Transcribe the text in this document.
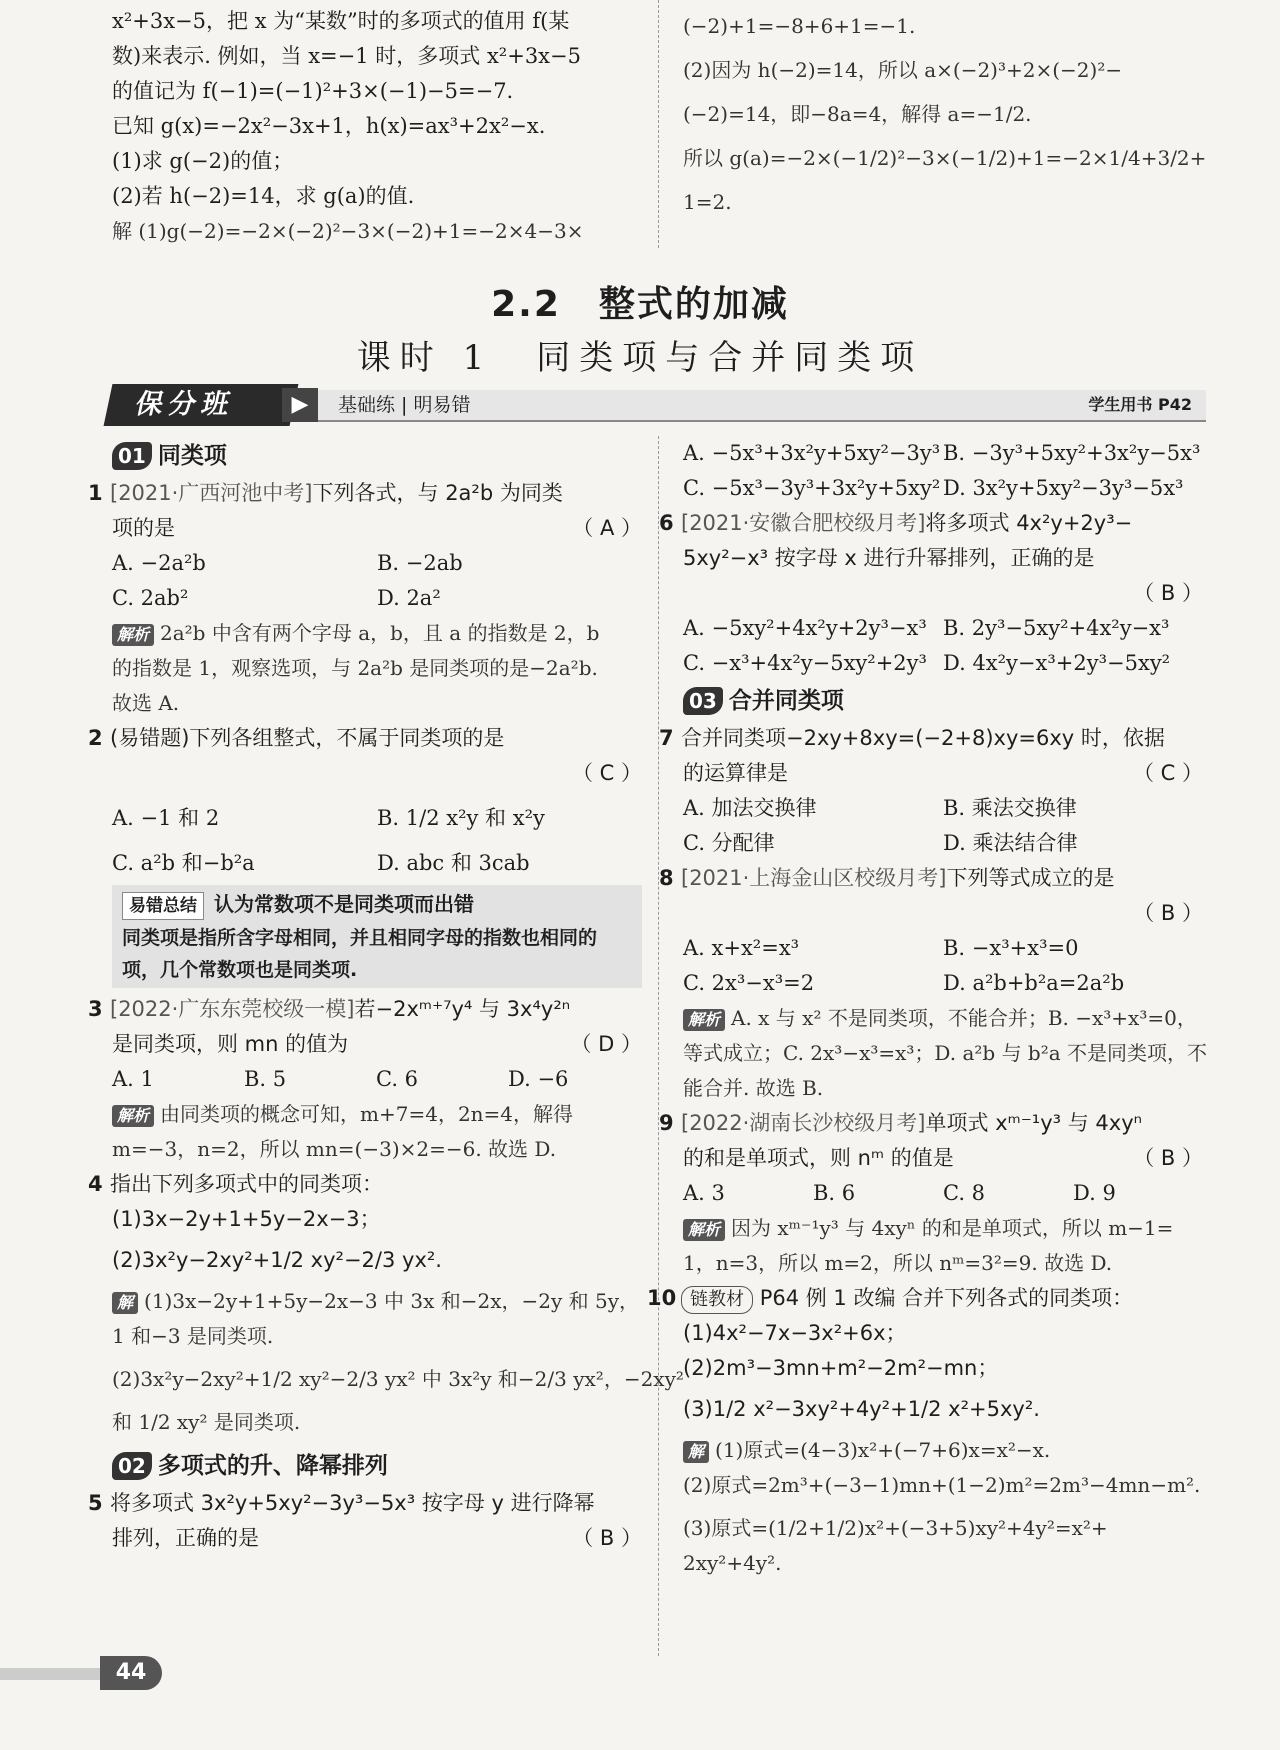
x²+3x−5，把 x 为“某数”时的多项式的值用 f(某

数)来表示. 例如，当 x=−1 时，多项式 x²+3x−5

的值记为 f(−1)=(−1)²+3×(−1)−5=−7.

已知 g(x)=−2x²−3x+1，h(x)=ax³+2x²−x.

(1)求 g(−2)的值；

(2)若 h(−2)=14，求 g(a)的值.

解 (1)g(−2)=−2×(−2)²−3×(−2)+1=−2×4−3×

(−2)+1=−8+6+1=−1.

(2)因为 h(−2)=14，所以 a×(−2)³+2×(−2)²−

(−2)=14，即−8a=4，解得 a=−1/2.

所以 g(a)=−2×(−1/2)²−3×(−1/2)+1=−2×1/4+3/2+

1=2.

2.2　整式的加减
课时 1　同类项与合并同类项
保分班	▶	基础练 | 明易错	学生用书 P42
01 同类项

1 [2021·广西河池中考]下列各式，与 2a²b 为同类

项的是	（ A ）

A. −2a²b	B. −2ab

C. 2ab²	D. 2a²

解析 2a²b 中含有两个字母 a，b，且 a 的指数是 2，b

的指数是 1，观察选项，与 2a²b 是同类项的是−2a²b.

故选 A.

2 (易错题)下列各组整式，不属于同类项的是

（ C ）

A. −1 和 2	B. 1/2 x²y 和 x²y

C. a²b 和−b²a	D. abc 和 3cab

易错总结 认为常数项不是同类项而出错

同类项是指所含字母相同，并且相同字母的指数也相同的项，几个常数项也是同类项.

3 [2022·广东东莞校级一模]若−2xᵐ⁺⁷y⁴ 与 3x⁴y²ⁿ

是同类项，则 mn 的值为	（ D ）

A. 1	B. 5	C. 6	D. −6

解析 由同类项的概念可知，m+7=4，2n=4，解得

m=−3，n=2，所以 mn=(−3)×2=−6. 故选 D.

4 指出下列多项式中的同类项：

(1)3x−2y+1+5y−2x−3；

(2)3x²y−2xy²+1/2 xy²−2/3 yx².

解 (1)3x−2y+1+5y−2x−3 中 3x 和−2x，−2y 和 5y，

1 和−3 是同类项.

(2)3x²y−2xy²+1/2 xy²−2/3 yx² 中 3x²y 和−2/3 yx²，−2xy²

和 1/2 xy² 是同类项.

02 多项式的升、降幂排列

5 将多项式 3x²y+5xy²−3y³−5x³ 按字母 y 进行降幂

排列，正确的是	（ B ）

A. −5x³+3x²y+5xy²−3y³ B. −3y³+5xy²+3x²y−5x³

C. −5x³−3y³+3x²y+5xy² D. 3x²y+5xy²−3y³−5x³

6 [2021·安徽合肥校级月考]将多项式 4x²y+2y³−

5xy²−x³ 按字母 x 进行升幂排列，正确的是

（ B ）

A. −5xy²+4x²y+2y³−x³ B. 2y³−5xy²+4x²y−x³

C. −x³+4x²y−5xy²+2y³ D. 4x²y−x³+2y³−5xy²

03 合并同类项

7 合并同类项−2xy+8xy=(−2+8)xy=6xy 时，依据

的运算律是	（ C ）

A. 加法交换律	B. 乘法交换律

C. 分配律	D. 乘法结合律

8 [2021·上海金山区校级月考]下列等式成立的是

（ B ）

A. x+x²=x³	B. −x³+x³=0

C. 2x³−x³=2	D. a²b+b²a=2a²b

解析 A. x 与 x² 不是同类项，不能合并；B. −x³+x³=0，

等式成立；C. 2x³−x³=x³；D. a²b 与 b²a 不是同类项，不

能合并. 故选 B.

9 [2022·湖南长沙校级月考]单项式 xᵐ⁻¹y³ 与 4xyⁿ

的和是单项式，则 nᵐ 的值是	（ B ）

A. 3	B. 6	C. 8	D. 9

解析 因为 xᵐ⁻¹y³ 与 4xyⁿ 的和是单项式，所以 m−1=

1，n=3，所以 m=2，所以 nᵐ=3²=9. 故选 D.

10 链教材 P64 例 1 改编 合并下列各式的同类项：

(1)4x²−7x−3x²+6x；

(2)2m³−3mn+m²−2m²−mn；

(3)1/2 x²−3xy²+4y²+1/2 x²+5xy².

解 (1)原式=(4−3)x²+(−7+6)x=x²−x.

(2)原式=2m³+(−3−1)mn+(1−2)m²=2m³−4mn−m².

(3)原式=(1/2+1/2)x²+(−3+5)xy²+4y²=x²+

2xy²+4y².

44
